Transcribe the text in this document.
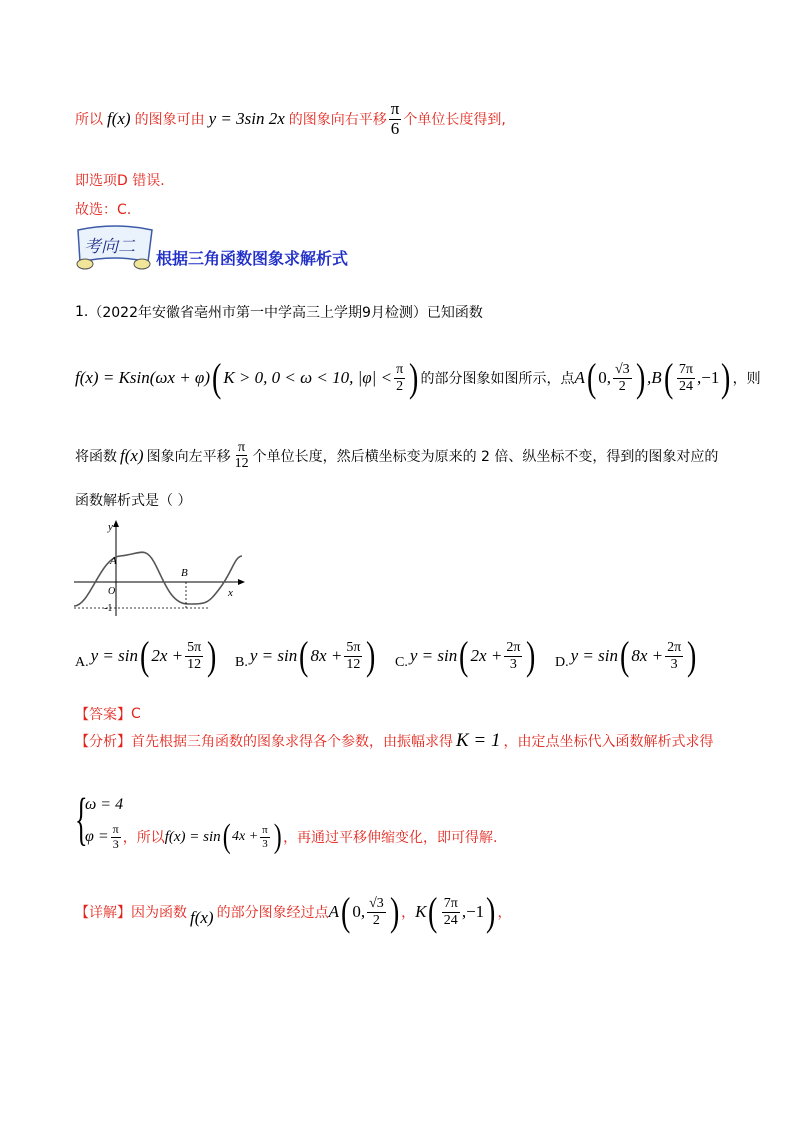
所以 f(x) 的图象可由 y = 3sin 2x 的图象向右平移 $\frac{\pi}{6}$ 个单位长度得到,
即选项D 错误.
故选：C.
考向二
根据三角函数图象求解析式
1. （2022年安徽省亳州市第一中学高三上学期9月检测）已知函数
f(x) = Ksin(ωx + φ) ( K > 0, 0 < ω < 10, $|\varphi| < \frac{\pi}{2}$ ) 的部分图象如图所示，点 A ( 0, $\frac{√3}{2}$ ) ,B ( $\frac{7\pi}{24} ,-1$ ) ，则
将函数 f(x) 图象向左平移 $\frac{\pi}{12}$ 个单位长度，然后横坐标变为原来的 2 倍、纵坐标不变，得到的图象对应的
函数解析式是（ ）
y
A
B
O	x
-1
A. y = sin ( $2x + \frac{5\pi}{12}$ ) B. y = sin ( $8x + \frac{5\pi}{12}$ ) C. y = sin ( $2x + \frac{2\pi}{3}$ ) D. y = sin ( $8x + \frac{2\pi}{3}$ )
【答案】 C
【分析】 首先根据三角函数的图象求得各个参数，由振幅求得 K = 1 ，由定点坐标代入函数解析式求得
{
ω = 4
$\varphi = \frac{\pi}{3}$ ，所以 f(x) = sin ( $4x + \frac{\pi}{3}$ ) ，再通过平移伸缩变化，即可得解.
【详解】 因为函数 f(x) 的部分图象经过点 A ( 0, $\frac{√3}{2}$ ) ， K ( $\frac{7\pi}{24} ,-1$ ) ，
